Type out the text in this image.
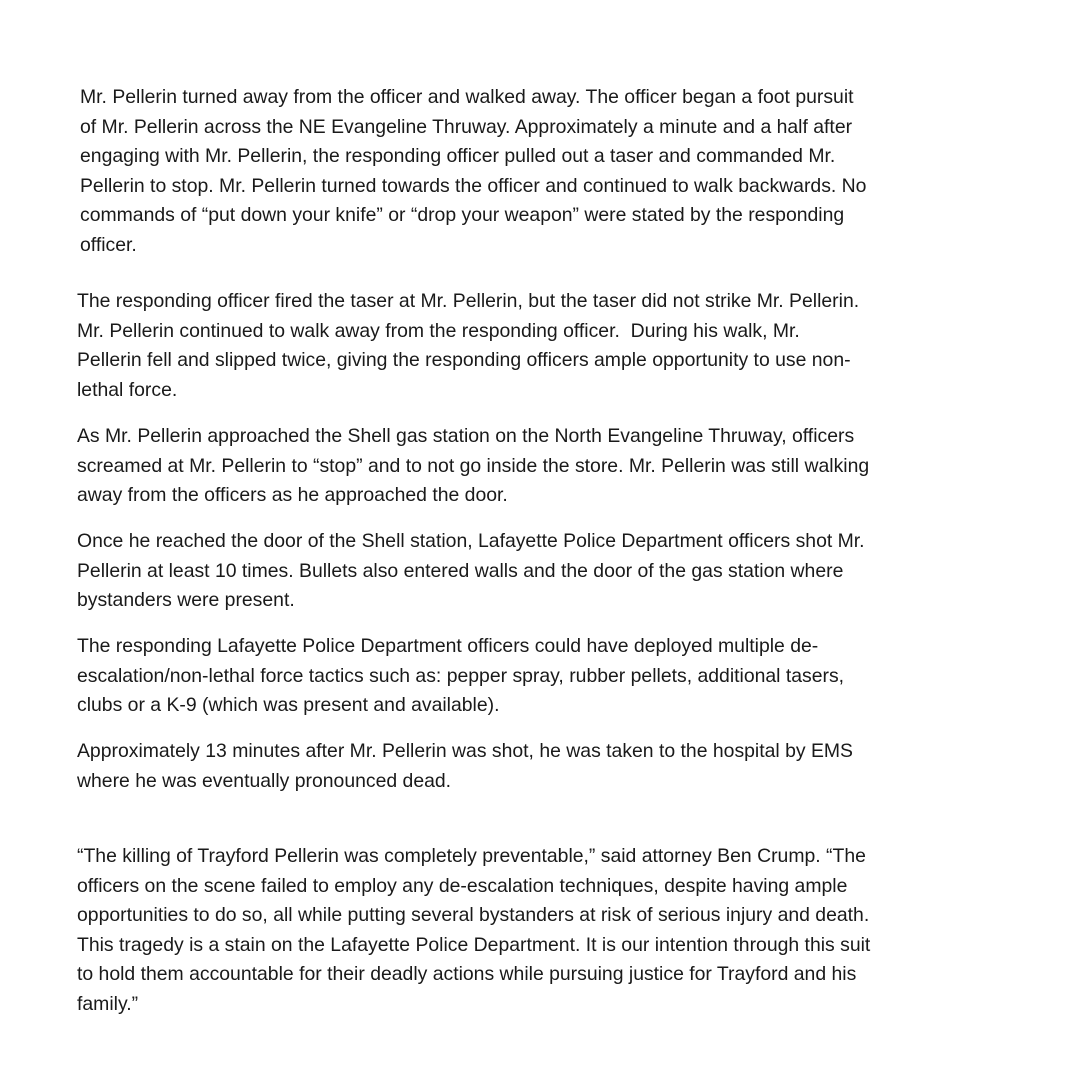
Mr. Pellerin turned away from the officer and walked away. The officer began a foot pursuit
of Mr. Pellerin across the NE Evangeline Thruway. Approximately a minute and a half after
engaging with Mr. Pellerin, the responding officer pulled out a taser and commanded Mr.
Pellerin to stop. Mr. Pellerin turned towards the officer and continued to walk backwards. No
commands of “put down your knife” or “drop your weapon” were stated by the responding
officer.
The responding officer fired the taser at Mr. Pellerin, but the taser did not strike Mr. Pellerin.
Mr. Pellerin continued to walk away from the responding officer.  During his walk, Mr.
Pellerin fell and slipped twice, giving the responding officers ample opportunity to use non-
lethal force.
As Mr. Pellerin approached the Shell gas station on the North Evangeline Thruway, officers
screamed at Mr. Pellerin to “stop” and to not go inside the store. Mr. Pellerin was still walking
away from the officers as he approached the door.
Once he reached the door of the Shell station, Lafayette Police Department officers shot Mr.
Pellerin at least 10 times. Bullets also entered walls and the door of the gas station where
bystanders were present.
The responding Lafayette Police Department officers could have deployed multiple de-
escalation/non-lethal force tactics such as: pepper spray, rubber pellets, additional tasers,
clubs or a K-9 (which was present and available).
Approximately 13 minutes after Mr. Pellerin was shot, he was taken to the hospital by EMS
where he was eventually pronounced dead.
“The killing of Trayford Pellerin was completely preventable,” said attorney Ben Crump. “The
officers on the scene failed to employ any de-escalation techniques, despite having ample
opportunities to do so, all while putting several bystanders at risk of serious injury and death.
This tragedy is a stain on the Lafayette Police Department. It is our intention through this suit
to hold them accountable for their deadly actions while pursuing justice for Trayford and his
family.”
